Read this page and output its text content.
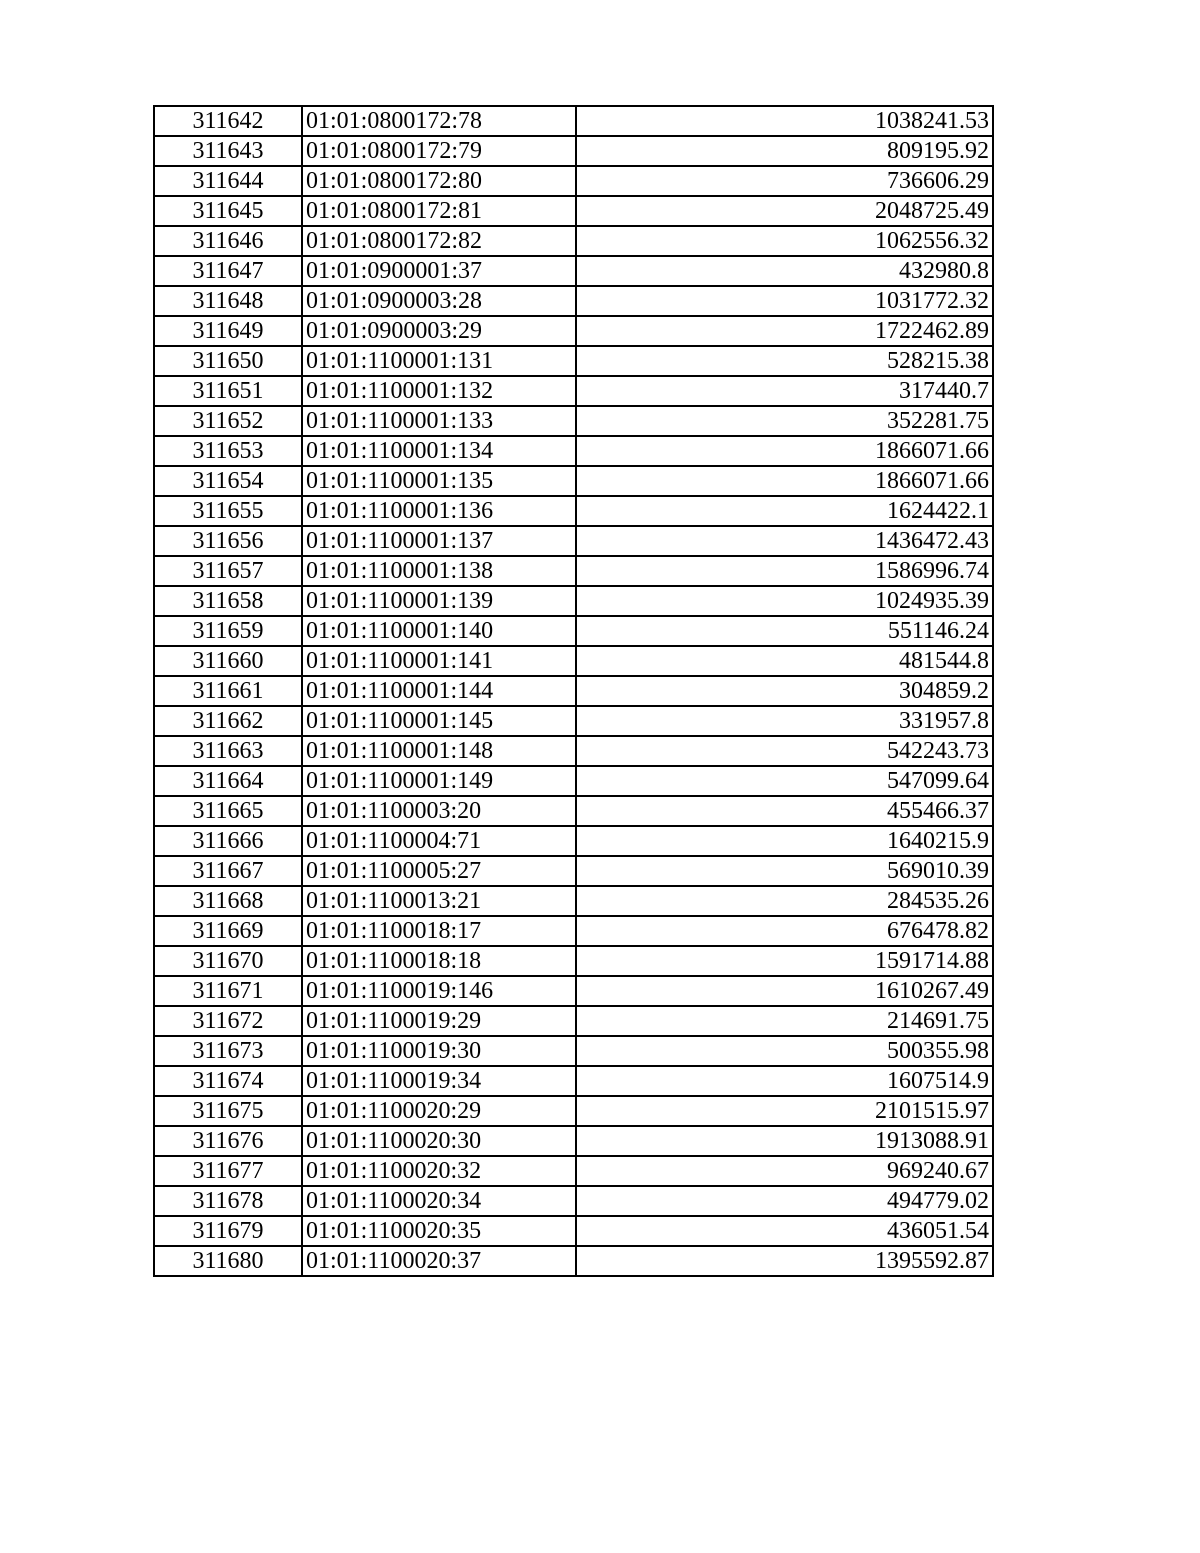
311642	01:01:0800172:78	1038241.53
311643	01:01:0800172:79	809195.92
311644	01:01:0800172:80	736606.29
311645	01:01:0800172:81	2048725.49
311646	01:01:0800172:82	1062556.32
311647	01:01:0900001:37	432980.8
311648	01:01:0900003:28	1031772.32
311649	01:01:0900003:29	1722462.89
311650	01:01:1100001:131	528215.38
311651	01:01:1100001:132	317440.7
311652	01:01:1100001:133	352281.75
311653	01:01:1100001:134	1866071.66
311654	01:01:1100001:135	1866071.66
311655	01:01:1100001:136	1624422.1
311656	01:01:1100001:137	1436472.43
311657	01:01:1100001:138	1586996.74
311658	01:01:1100001:139	1024935.39
311659	01:01:1100001:140	551146.24
311660	01:01:1100001:141	481544.8
311661	01:01:1100001:144	304859.2
311662	01:01:1100001:145	331957.8
311663	01:01:1100001:148	542243.73
311664	01:01:1100001:149	547099.64
311665	01:01:1100003:20	455466.37
311666	01:01:1100004:71	1640215.9
311667	01:01:1100005:27	569010.39
311668	01:01:1100013:21	284535.26
311669	01:01:1100018:17	676478.82
311670	01:01:1100018:18	1591714.88
311671	01:01:1100019:146	1610267.49
311672	01:01:1100019:29	214691.75
311673	01:01:1100019:30	500355.98
311674	01:01:1100019:34	1607514.9
311675	01:01:1100020:29	2101515.97
311676	01:01:1100020:30	1913088.91
311677	01:01:1100020:32	969240.67
311678	01:01:1100020:34	494779.02
311679	01:01:1100020:35	436051.54
311680	01:01:1100020:37	1395592.87
